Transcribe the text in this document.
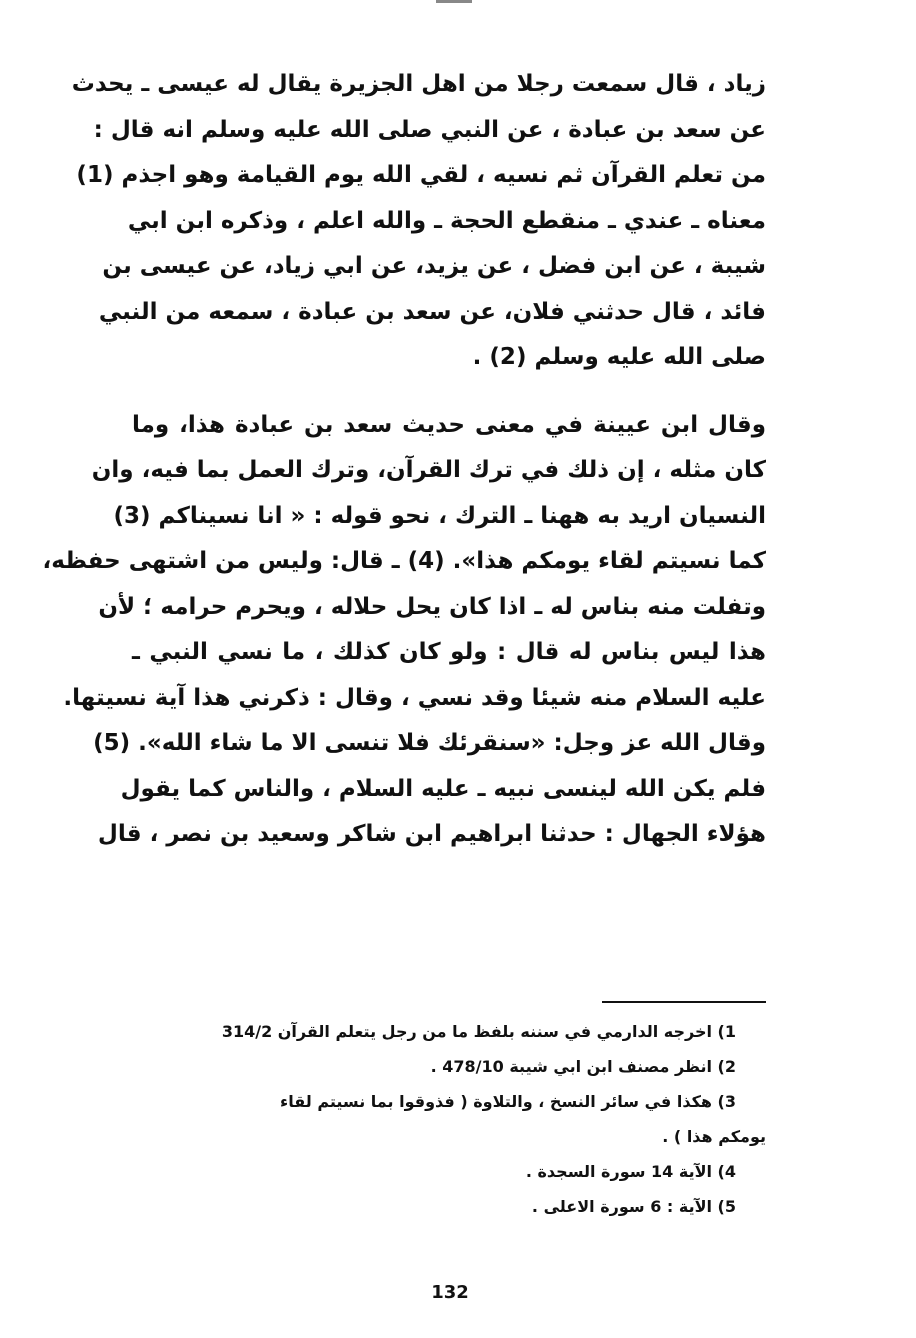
زياد ، قال سمعت رجلا من اهل الجزيرة يقال له عيسى ـ يحدث
عن سعد بن عبادة ، عن النبي صلى الله عليه وسلم انه قال :
من تعلم القرآن ثم نسيه ، لقي الله يوم القيامة وهو اجذم (1)
معناه ـ عندي ـ منقطع الحجة ـ والله اعلم ، وذكره ابن ابي
شيبة ، عن ابن فضل ، عن يزيد، عن ابي زياد، عن عيسى بن
فائد ، قال حدثني فلان، عن سعد بن عبادة ، سمعه من النبي
صلى الله عليه وسلم (2) .
وقال ابن عيينة في معنى حديث سعد بن عبادة هذا، وما
كان مثله ، إن ذلك في ترك القرآن، وترك العمل بما فيه، وان
النسيان اريد به ههنا ـ الترك ، نحو قوله : « انا نسيناكم (3)
كما نسيتم لقاء يومكم هذا». (4) ـ قال: وليس من اشتهى حفظه،
وتفلت منه بناس له ـ اذا كان يحل حلاله ، ويحرم حرامه ؛ لأن
هذا ليس بناس له قال : ولو كان كذلك ، ما نسي النبي ـ
عليه السلام منه شيئا وقد نسي ، وقال : ذكرني هذا آية نسيتها.
وقال الله عز وجل: «سنقرئك فلا تنسى الا ما شاء الله». (5)
فلم يكن الله لينسى نبيه ـ عليه السلام ، والناس كما يقول
هؤلاء الجهال : حدثنا ابراهيم ابن شاكر وسعيد بن نصر ، قال
1) اخرجه الدارمي في سننه بلفظ ما من رجل يتعلم القرآن 314/2
2) انظر مصنف ابن ابي شيبة 478/10 .
3) هكذا في سائر النسخ ، والتلاوة ( فذوقوا بما نسيتم لقاء
يومكم هذا ) .
4) الآية 14 سورة السجدة .
5) الآية : 6 سورة الاعلى .
132
